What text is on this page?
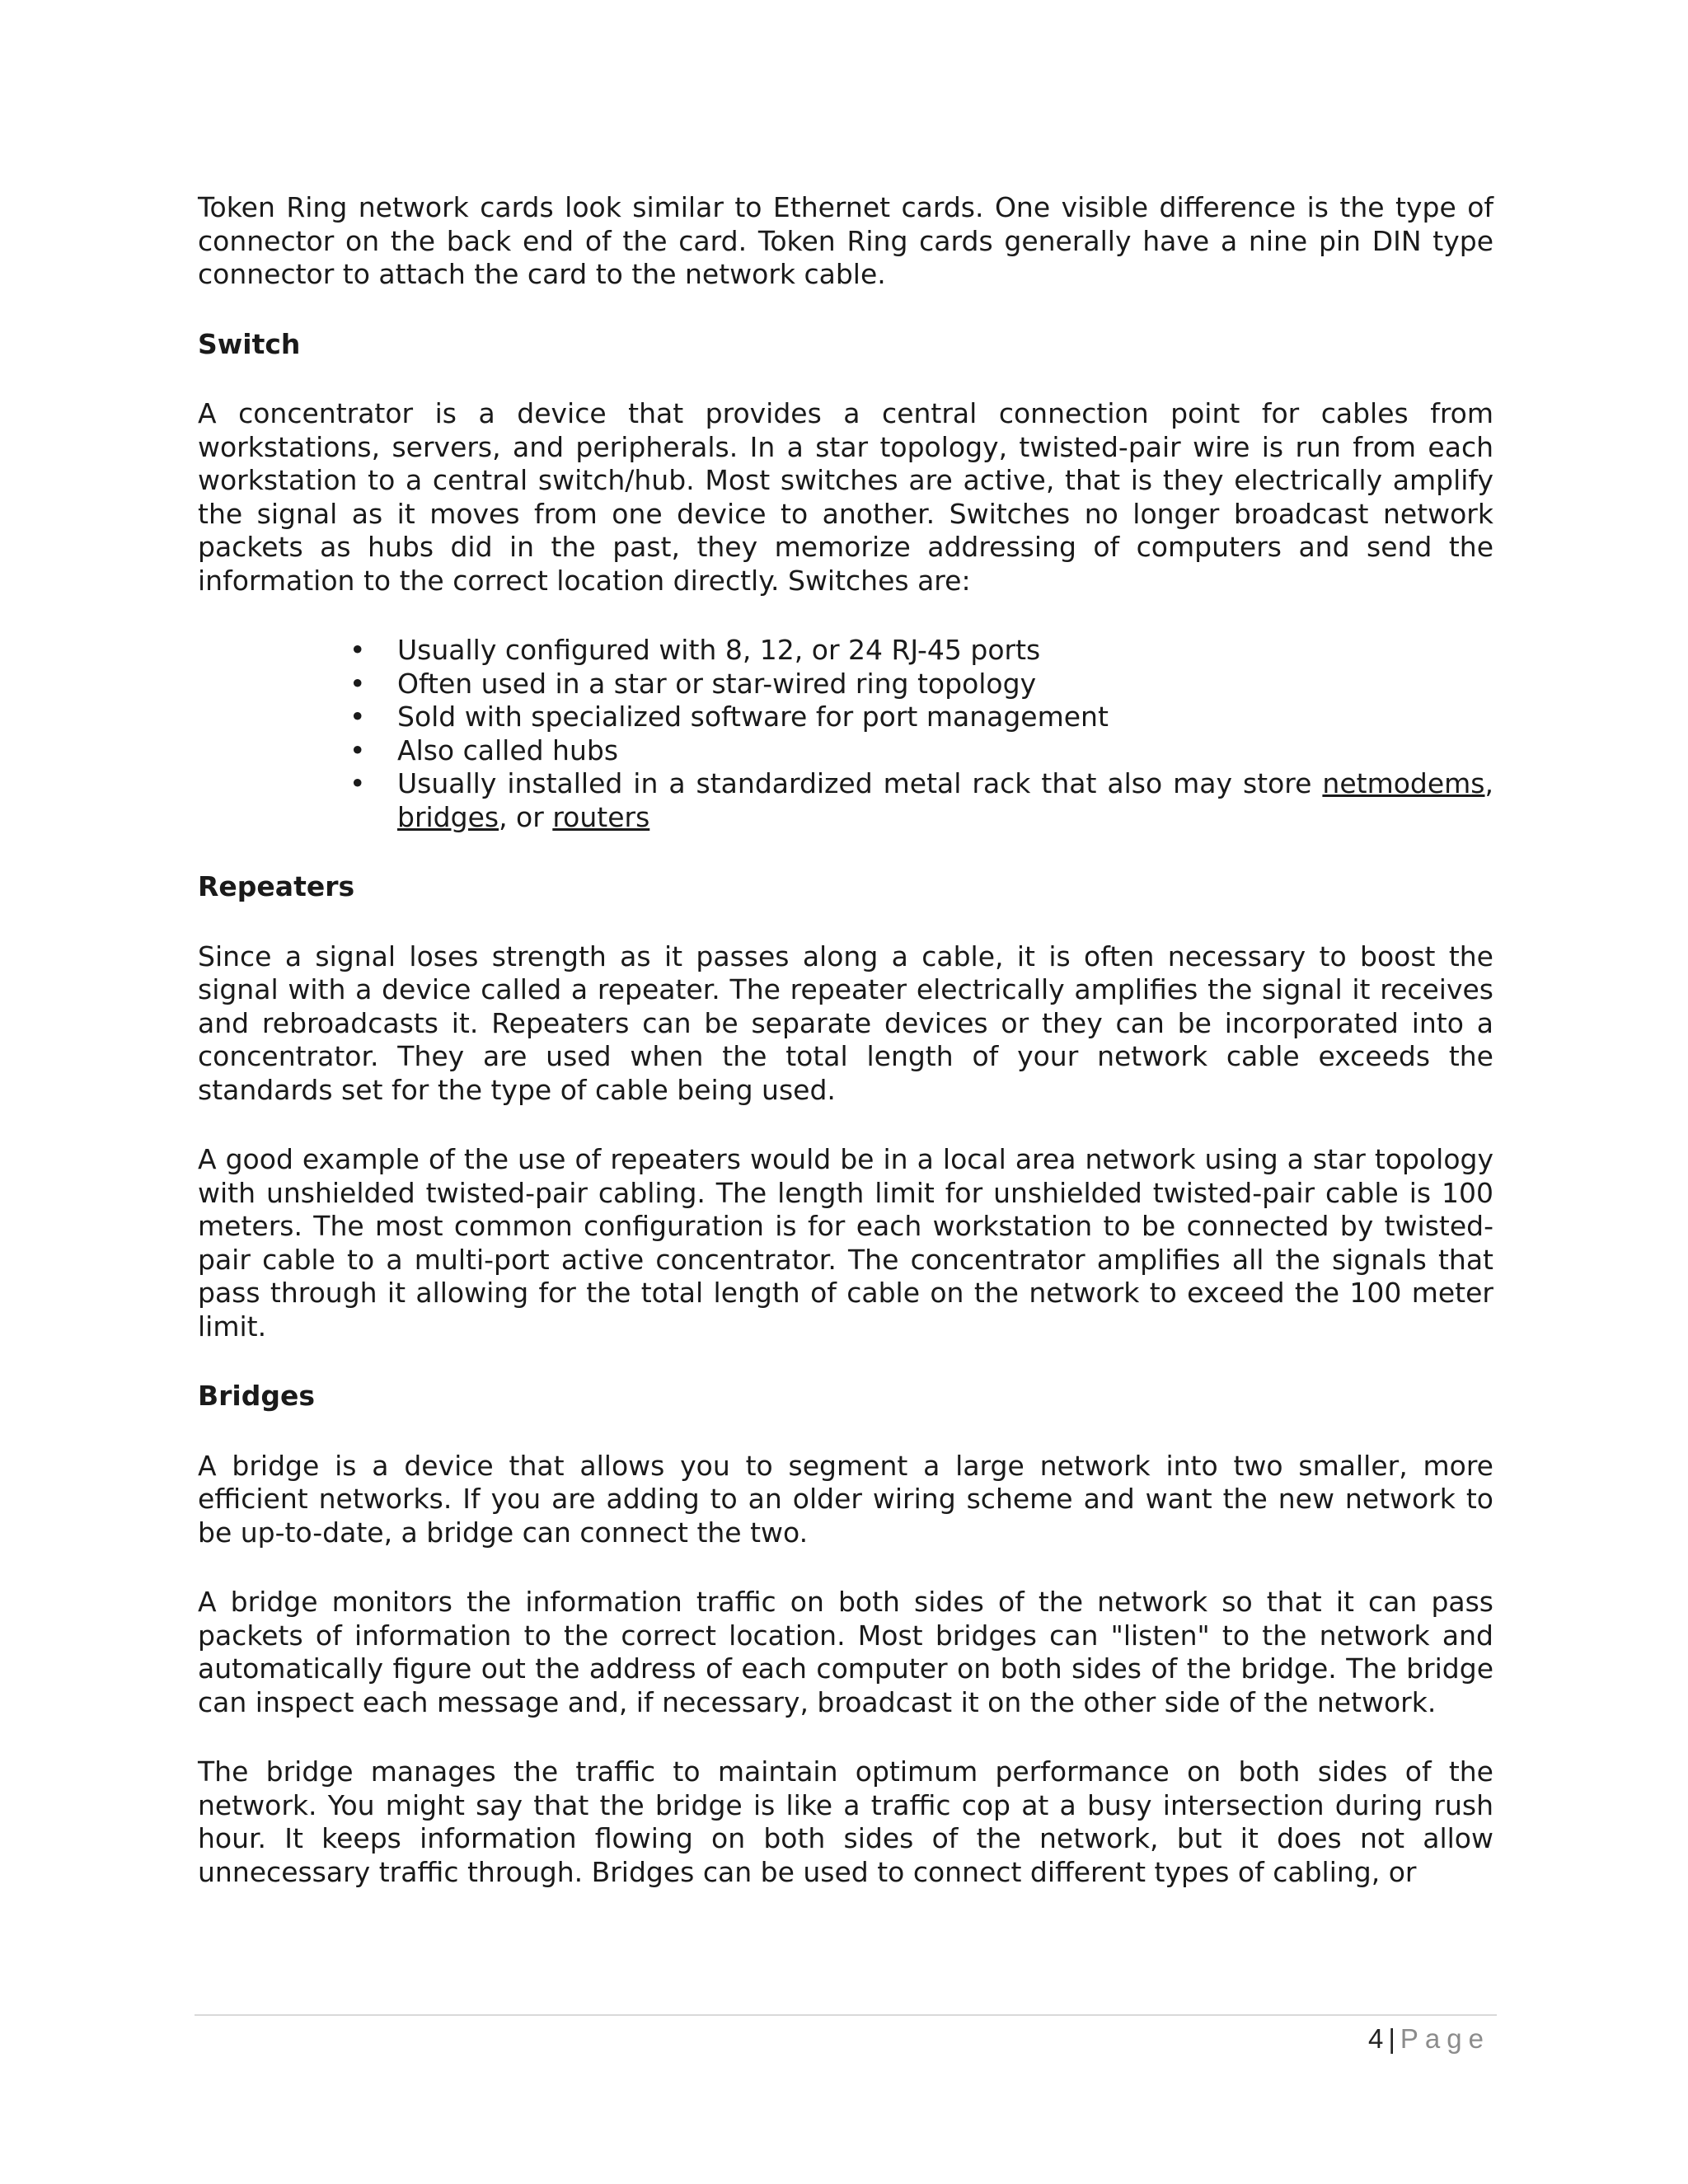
Token Ring network cards look similar to Ethernet cards. One visible difference is the type of connector on the back end of the card. Token Ring cards generally have a nine pin DIN type connector to attach the card to the network cable.

Switch

A concentrator is a device that provides a central connection point for cables from workstations, servers, and peripherals. In a star topology, twisted-pair wire is run from each workstation to a central switch/hub. Most switches are active, that is they electrically amplify the signal as it moves from one device to another. Switches no longer broadcast network packets as hubs did in the past, they memorize addressing of computers and send the information to the correct location directly. Switches are:

• Usually configured with 8, 12, or 24 RJ-45 ports
• Often used in a star or star-wired ring topology
• Sold with specialized software for port management
• Also called hubs
• Usually installed in a standardized metal rack that also may store netmodems, bridges, or routers

Repeaters

Since a signal loses strength as it passes along a cable, it is often necessary to boost the signal with a device called a repeater. The repeater electrically amplifies the signal it receives and rebroadcasts it. Repeaters can be separate devices or they can be incorporated into a concentrator. They are used when the total length of your network cable exceeds the standards set for the type of cable being used.

A good example of the use of repeaters would be in a local area network using a star topology with unshielded twisted-pair cabling. The length limit for unshielded twisted-pair cable is 100 meters. The most common configuration is for each workstation to be connected by twisted-pair cable to a multi-port active concentrator. The concentrator amplifies all the signals that pass through it allowing for the total length of cable on the network to exceed the 100 meter limit.

Bridges

A bridge is a device that allows you to segment a large network into two smaller, more efficient networks. If you are adding to an older wiring scheme and want the new network to be up-to-date, a bridge can connect the two.

A bridge monitors the information traffic on both sides of the network so that it can pass packets of information to the correct location. Most bridges can "listen" to the network and automatically figure out the address of each computer on both sides of the bridge. The bridge can inspect each message and, if necessary, broadcast it on the other side of the network.

The bridge manages the traffic to maintain optimum performance on both sides of the network. You might say that the bridge is like a traffic cop at a busy intersection during rush hour. It keeps information flowing on both sides of the network, but it does not allow unnecessary traffic through. Bridges can be used to connect different types of cabling, or

4 | Page
